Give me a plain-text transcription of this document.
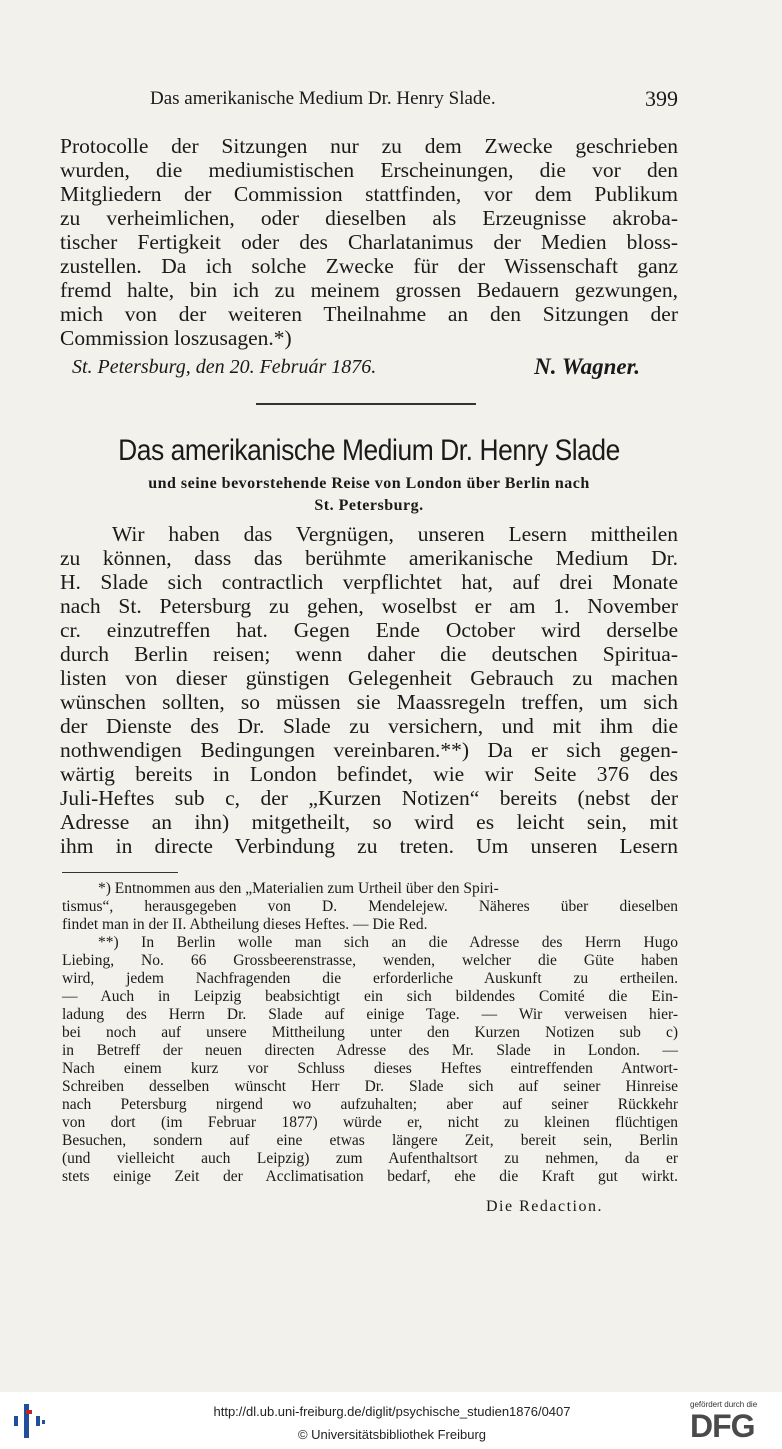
Das amerikanische Medium Dr. Henry Slade.	399
Protocolle der Sitzungen nur zu dem Zwecke geschrieben
wurden, die mediumistischen Erscheinungen, die vor den
Mitgliedern der Commission stattfinden, vor dem Publikum
zu verheimlichen, oder dieselben als Erzeugnisse akroba-
tischer Fertigkeit oder des Charlatanimus der Medien bloss-
zustellen. Da ich solche Zwecke für der Wissenschaft ganz
fremd halte, bin ich zu meinem grossen Bedauern gezwungen,
mich von der weiteren Theilnahme an den Sitzungen der
Commission loszusagen.*)
St. Petersburg, den 20. Február 1876.	N. Wagner.
Das amerikanische Medium Dr. Henry Slade
und seine bevorstehende Reise von London über Berlin nach
St. Petersburg.
Wir haben das Vergnügen, unseren Lesern mittheilen
zu können, dass das berühmte amerikanische Medium Dr.
H. Slade sich contractlich verpflichtet hat, auf drei Monate
nach St. Petersburg zu gehen, woselbst er am 1. November
cr. einzutreffen hat. Gegen Ende October wird derselbe
durch Berlin reisen; wenn daher die deutschen Spiritua-
listen von dieser günstigen Gelegenheit Gebrauch zu machen
wünschen sollten, so müssen sie Maassregeln treffen, um sich
der Dienste des Dr. Slade zu versichern, und mit ihm die
nothwendigen Bedingungen vereinbaren.**) Da er sich gegen-
wärtig bereits in London befindet, wie wir Seite 376 des
Juli-Heftes sub c, der „Kurzen Notizen“ bereits (nebst der
Adresse an ihn) mitgetheilt, so wird es leicht sein, mit
ihm in directe Verbindung zu treten. Um unseren Lesern
*) Entnommen aus den „Materialien zum Urtheil über den Spiri-
tismus“, herausgegeben von D. Mendelejew. Näheres über dieselben
findet man in der II. Abtheilung dieses Heftes. — Die Red.
**) In Berlin wolle man sich an die Adresse des Herrn Hugo
Liebing, No. 66 Grossbeerenstrasse, wenden, welcher die Güte haben
wird, jedem Nachfragenden die erforderliche Auskunft zu ertheilen.
— Auch in Leipzig beabsichtigt ein sich bildendes Comité die Ein-
ladung des Herrn Dr. Slade auf einige Tage. — Wir verweisen hier-
bei noch auf unsere Mittheilung unter den Kurzen Notizen sub c)
in Betreff der neuen directen Adresse des Mr. Slade in London. —
Nach einem kurz vor Schluss dieses Heftes eintreffenden Antwort-
Schreiben desselben wünscht Herr Dr. Slade sich auf seiner Hinreise
nach Petersburg nirgend wo aufzuhalten; aber auf seiner Rückkehr
von dort (im Februar 1877) würde er, nicht zu kleinen flüchtigen
Besuchen, sondern auf eine etwas längere Zeit, bereit sein, Berlin
(und vielleicht auch Leipzig) zum Aufenthaltsort zu nehmen, da er
stets einige Zeit der Acclimatisation bedarf, ehe die Kraft gut wirkt.
Die Redaction.
http://dl.ub.uni-freiburg.de/diglit/psychische_studien1876/0407
© Universitätsbibliothek Freiburg
gefördert durch die
DFG
